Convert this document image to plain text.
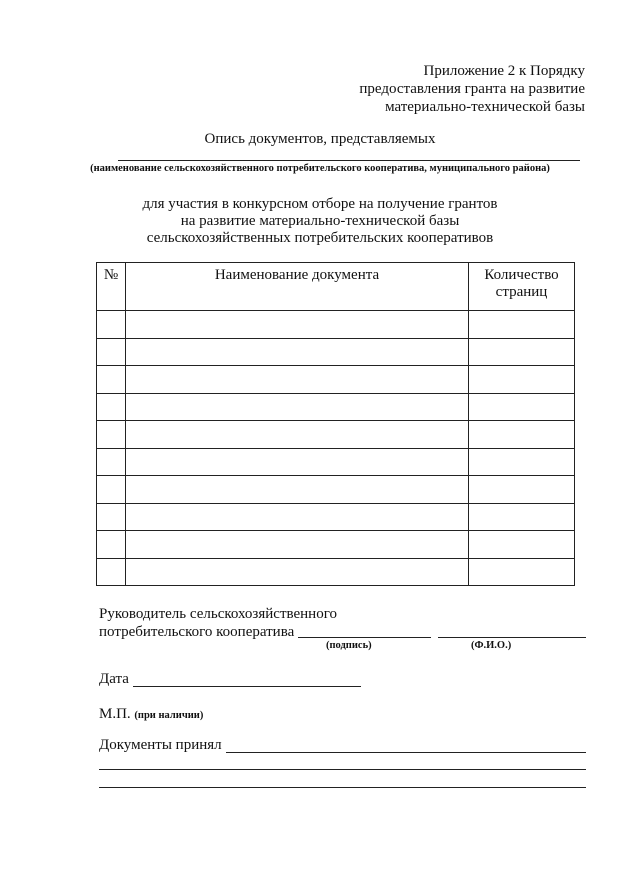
Приложение 2 к Порядку
предоставления гранта на развитие
материально-технической базы
Опись документов, представляемых
(наименование сельскохозяйственного потребительского кооператива, муниципального района)
для участия в конкурсном отборе на получение грантов
на развитие материально-технической базы
сельскохозяйственных потребительских кооперативов
№	Наименование документа	Количество
страниц

Руководитель сельскохозяйственного
потребительского кооператива
(подпись)	(Ф.И.О.)
Дата
М.П. (при наличии)
Документы принял
